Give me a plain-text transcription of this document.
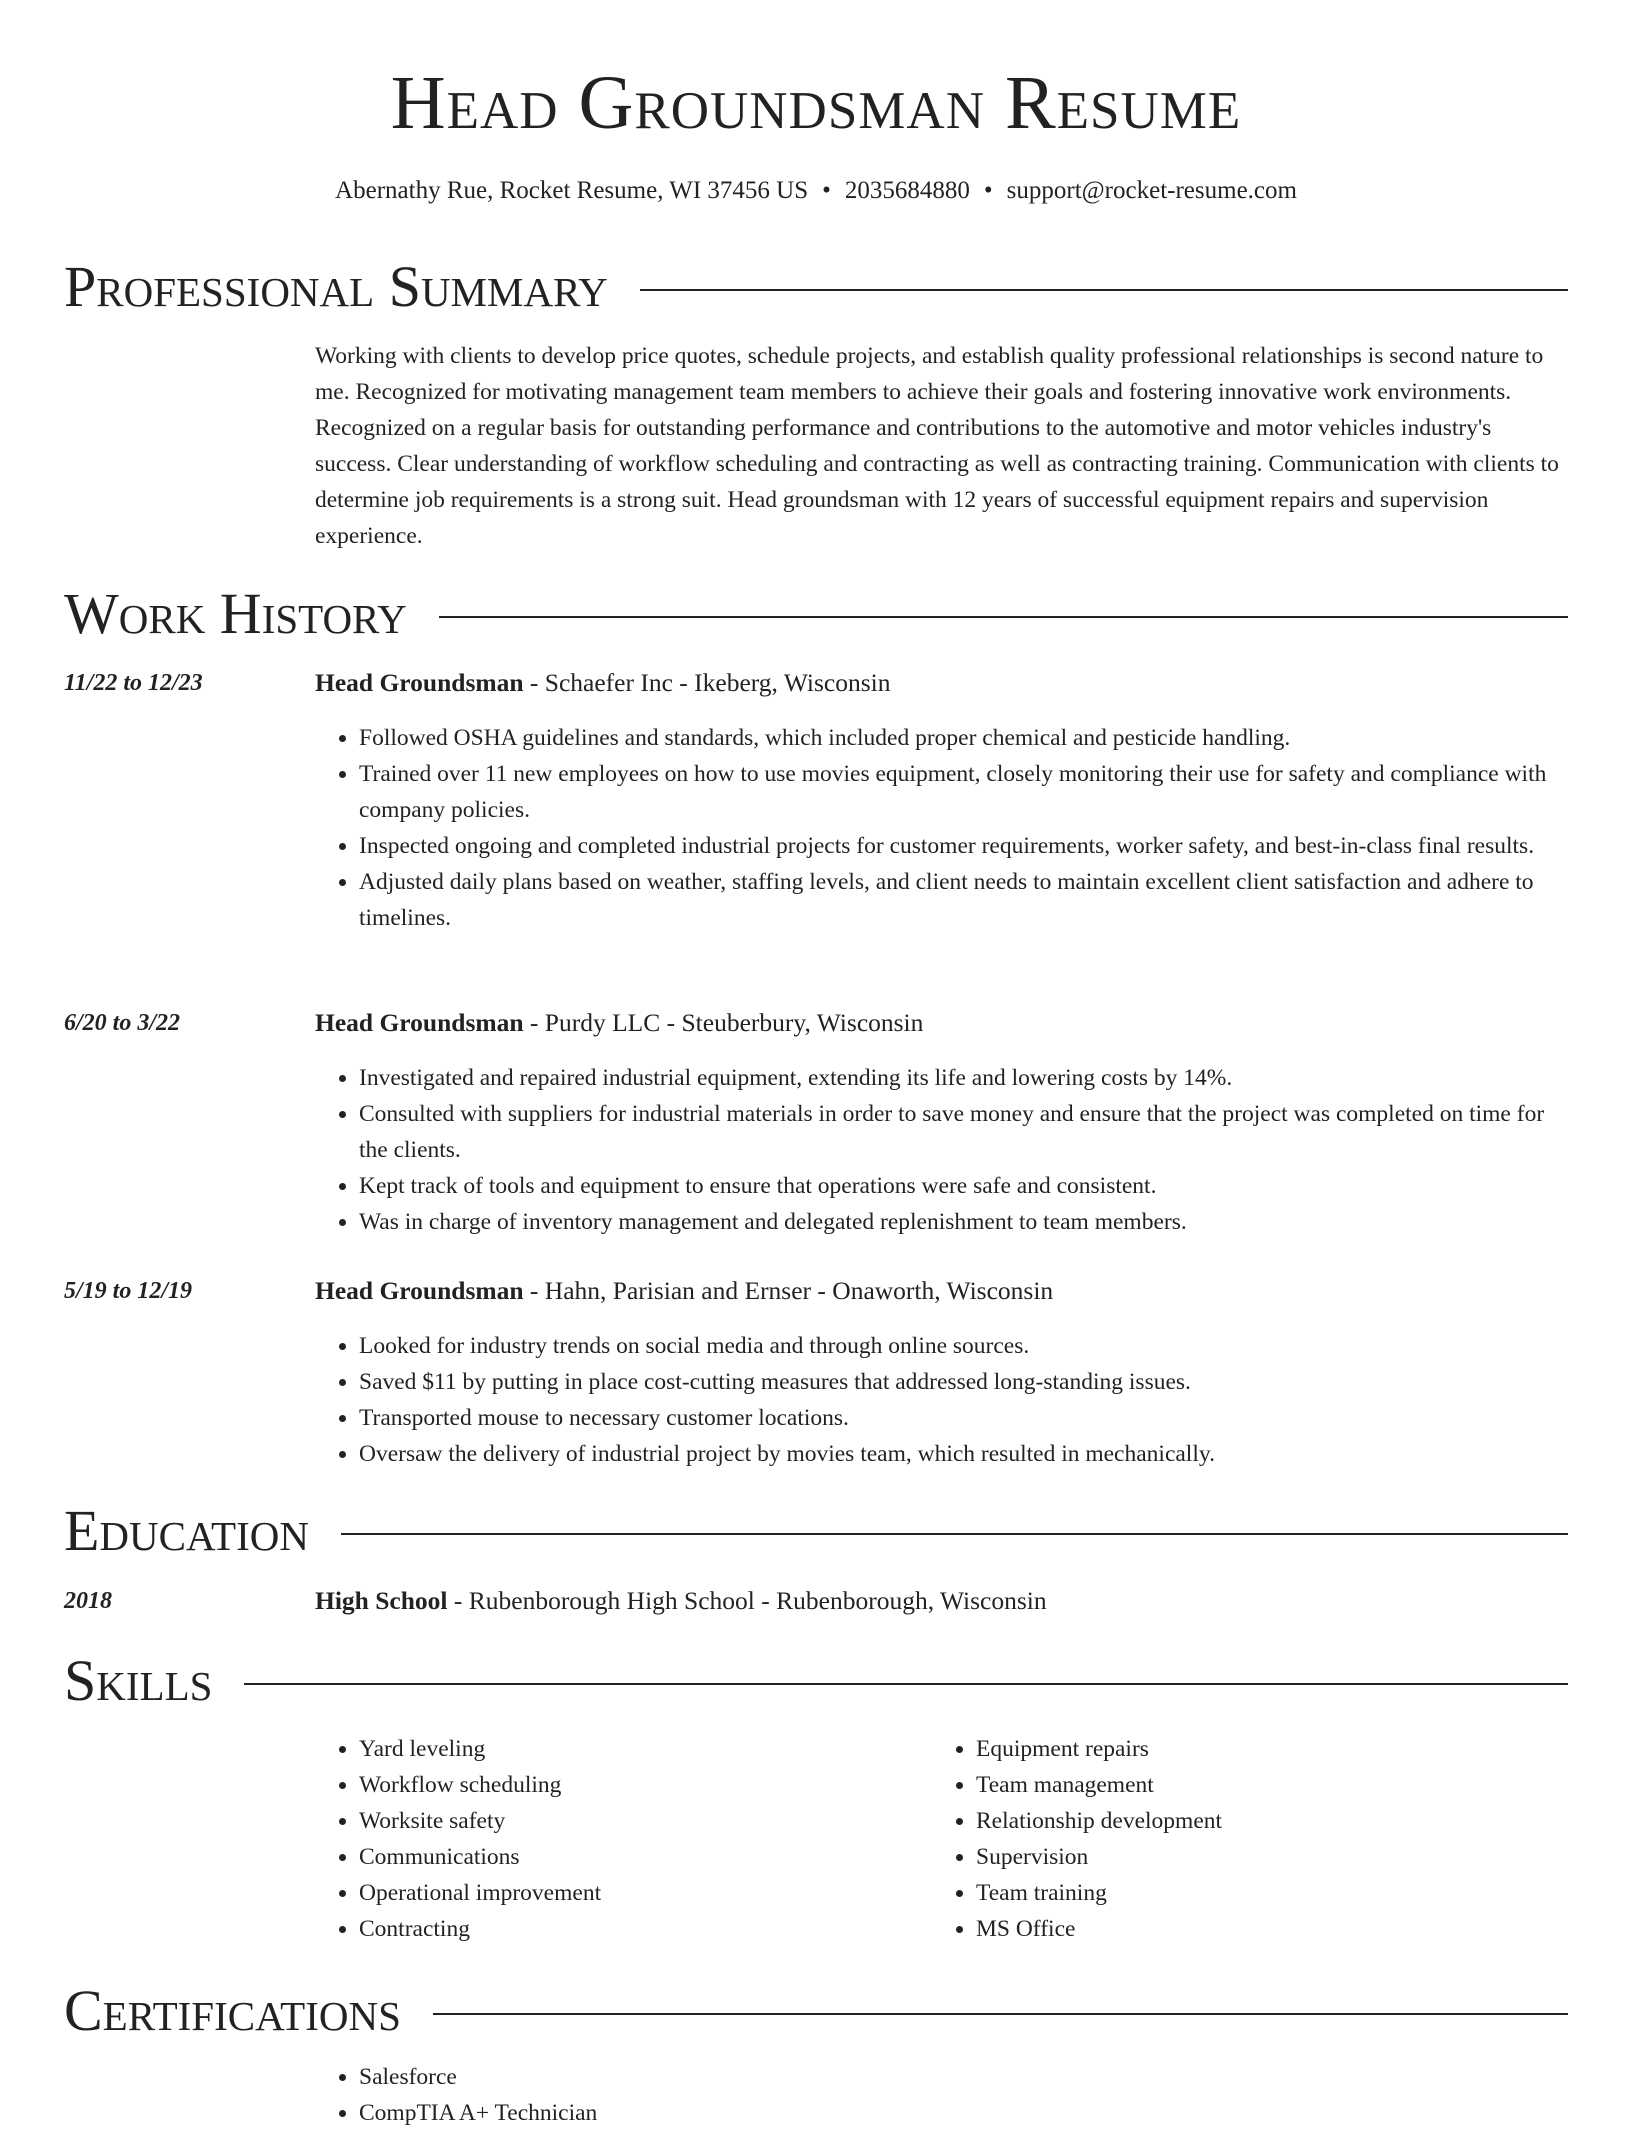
Head Groundsman Resume
Abernathy Rue, Rocket Resume, WI 37456 US • 2035684880 • support@rocket-resume.com
Professional Summary

Working with clients to develop price quotes, schedule projects, and establish quality professional relationships is second nature to me. Recognized for motivating management team members to achieve their goals and fostering innovative work environments. Recognized on a regular basis for outstanding performance and contributions to the automotive and motor vehicles industry's success. Clear understanding of workflow scheduling and contracting as well as contracting training. Communication with clients to determine job requirements is a strong suit. Head groundsman with 12 years of successful equipment repairs and supervision experience.

Work History
11/22 to 12/23	Head Groundsman - Schaefer Inc - Ikeberg, Wisconsin
• Followed OSHA guidelines and standards, which included proper chemical and pesticide handling.
• Trained over 11 new employees on how to use movies equipment, closely monitoring their use for safety and compliance with company policies.
• Inspected ongoing and completed industrial projects for customer requirements, worker safety, and best-in-class final results.
• Adjusted daily plans based on weather, staffing levels, and client needs to maintain excellent client satisfaction and adhere to timelines.
6/20 to 3/22	Head Groundsman - Purdy LLC - Steuberbury, Wisconsin
• Investigated and repaired industrial equipment, extending its life and lowering costs by 14%.
• Consulted with suppliers for industrial materials in order to save money and ensure that the project was completed on time for the clients.
• Kept track of tools and equipment to ensure that operations were safe and consistent.
• Was in charge of inventory management and delegated replenishment to team members.
5/19 to 12/19	Head Groundsman - Hahn, Parisian and Ernser - Onaworth, Wisconsin
• Looked for industry trends on social media and through online sources.
• Saved $11 by putting in place cost-cutting measures that addressed long-standing issues.
• Transported mouse to necessary customer locations.
• Oversaw the delivery of industrial project by movies team, which resulted in mechanically.
Education
2018	High School - Rubenborough High School - Rubenborough, Wisconsin
Skills
• Yard leveling
• Workflow scheduling
• Worksite safety
• Communications
• Operational improvement
• Contracting
• Equipment repairs
• Team management
• Relationship development
• Supervision
• Team training
• MS Office
Certifications
• Salesforce
• CompTIA A+ Technician
